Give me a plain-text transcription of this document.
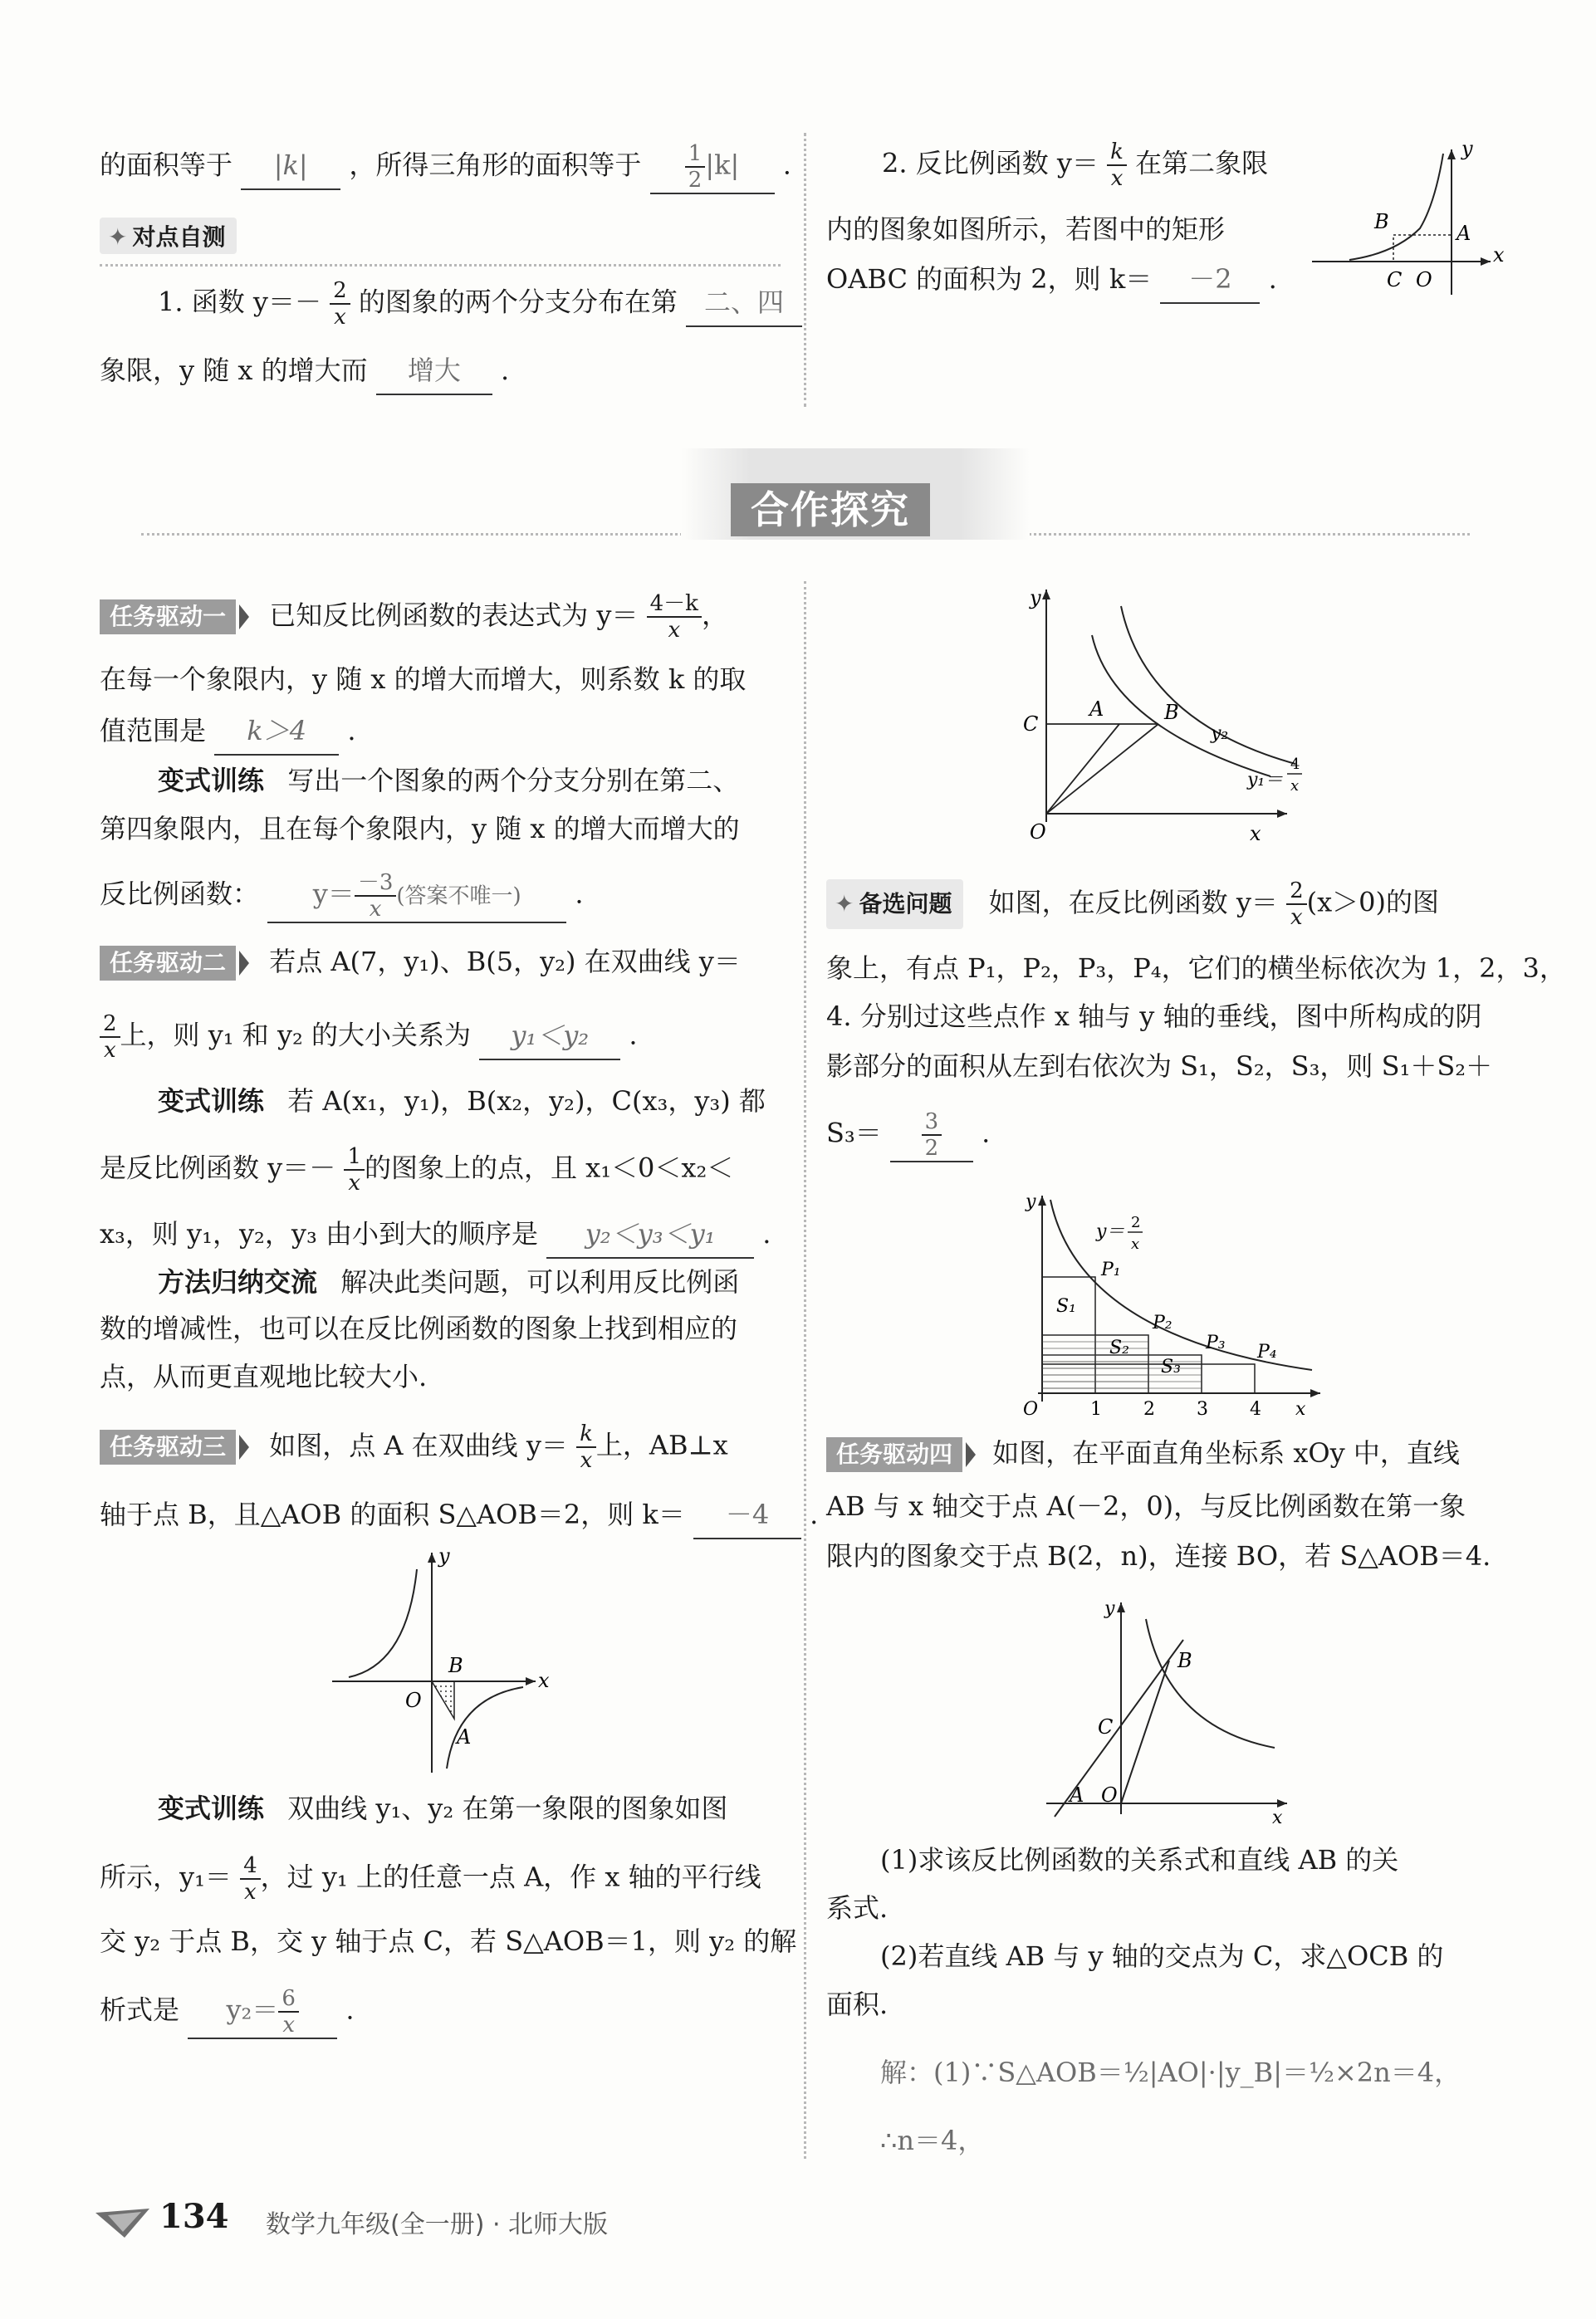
的面积等于 |k| ，所得三角形的面积等于 $\frac{1}{2} |k|$ .
✦ 对点自测
1. 函数 $y=- \frac{2}{x}$ 的图象的两个分支分布在第 二、四
象限，y 随 x 的增大而 增大 .
2. 反比例函数 $y= \frac{k}{x}$ 在第二象限
内的图象如图所示，若图中的矩形
OABC 的面积为 2，则 k＝ －2 .
y
x
B	A
C O
合作探究
任务驱动一 已知反比例函数的表达式为 $y= \frac{4-k}{x}$ ，
在每一个象限内，y 随 x 的增大而增大，则系数 k 的取
值范围是 k＞4 .
变式训练 写出一个图象的两个分支分别在第二、
第四象限内，且在每个象限内，y 随 x 的增大而增大的
反比例函数： $y= \frac{-3}{x}$ (答案不唯一) .
任务驱动二 若点 A(7，y₁)、B(5，y₂) 在双曲线 y＝
$\frac{2}{x}$ 上，则 y₁ 和 y₂ 的大小关系为 y₁＜y₂ .
变式训练 若 A(x₁，y₁)，B(x₂，y₂)，C(x₃，y₃) 都
是反比例函数 $y=- \frac{1}{x}$ 的图象上的点，且 x₁＜0＜x₂＜
x₃，则 y₁，y₂，y₃ 由小到大的顺序是 y₂＜y₃＜y₁ .
方法归纳交流 解决此类问题，可以利用反比例函
数的增减性，也可以在反比例函数的图象上找到相应的
点，从而更直观地比较大小.
任务驱动三 如图，点 A 在双曲线 $y= \frac{k}{x}$ 上，AB⊥x
轴于点 B，且△AOB 的面积 S△AOB＝2，则 k＝ －4 .
y
x
O
B
A
变式训练 双曲线 y₁、y₂ 在第一象限的图象如图
所示，$y_1= \frac{4}{x}$ ，过 y₁ 上的任意一点 A，作 x 轴的平行线
交 y₂ 于点 B，交 y 轴于点 C，若 S△AOB＝1，则 y₂ 的解
析式是 $y_2= \frac{6}{x}$ .
y
x
C
A	B
y₂
y₁＝
4
x
O
✦ 备选问题 如图，在反比例函数 $y= \frac{2}{x} (x>0)$的图
象上，有点 P₁，P₂，P₃，P₄，它们的横坐标依次为 1，2，3，
4. 分别过这些点作 x 轴与 y 轴的垂线，图中所构成的阴
影部分的面积从左到右依次为 S₁，S₂，S₃，则 S₁＋S₂＋
$S_3= \frac{3}{2}$ .
y
y＝ 2
x
P₁
P₂
P₃ P₄
S₁
S₂
S₃
O	1 2 3 4 x
任务驱动四 如图，在平面直角坐标系 xOy 中，直线
AB 与 x 轴交于点 A(－2，0)，与反比例函数在第一象
限内的图象交于点 B(2，n)，连接 BO，若 S△AOB＝4.
y
x
B
C
A O
(1)求该反比例函数的关系式和直线 AB 的关
系式.
(2)若直线 AB 与 y 轴的交点为 C，求△OCB 的
面积.
解：(1)∵S△AOB＝½|AO|·|y_B|＝½×2n＝4，
∴n＝4，
134 数学九年级(全一册) · 北师大版
